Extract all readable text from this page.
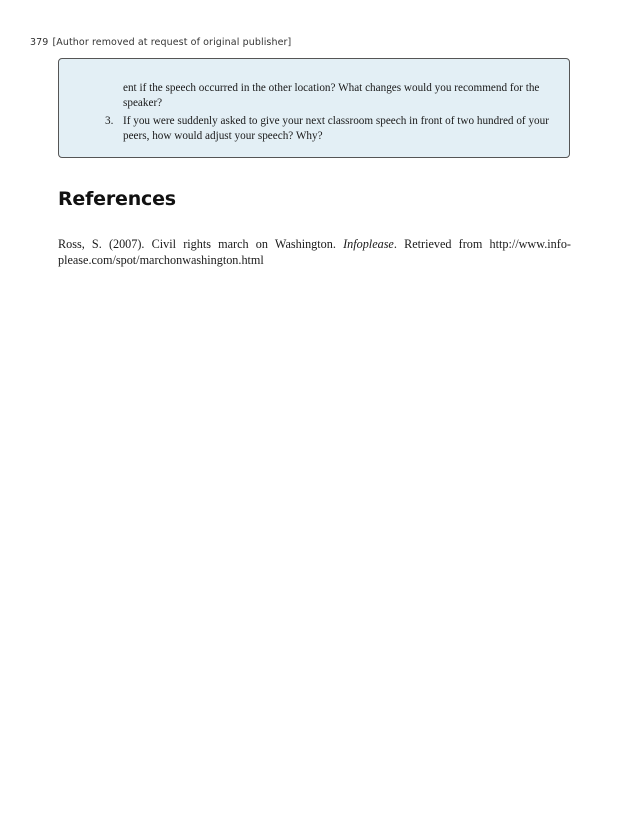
379 [Author removed at request of original publisher]
ent if the speech occurred in the other location? What changes would you recommend for the speaker?
3. If you were suddenly asked to give your next classroom speech in front of two hundred of your peers, how would adjust your speech? Why?
References

Ross, S. (2007). Civil rights march on Washington. Infoplease. Retrieved from http://www.info-please.com/spot/marchonwashington.html
